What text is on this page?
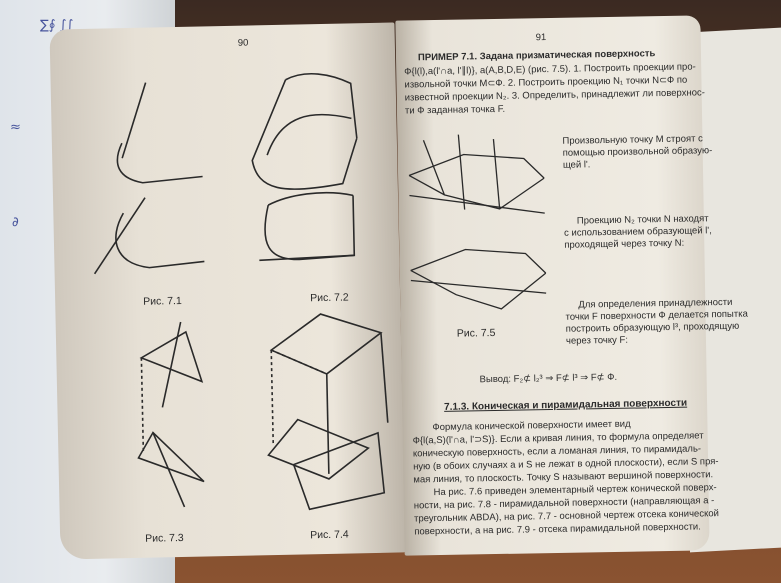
∑∮ ∫∫
≈
∂
90
Рис. 7.1	Рис. 7.2
Рис. 7.3	Рис. 7.4
91
ПРИМЕР 7.1. Задана призматическая поверхность
Ф{l(l),a(l'∩a, l'∥l)}, a(A,B,D,E) (рис. 7.5). 1. Построить проекции про-
извольной точки M⊂Ф. 2. Построить проекцию N₁ точки N⊂Ф по
известной проекции N₂. 3. Определить, принадлежит ли поверхнос-
ти Ф заданная точка F.
Рис. 7.5
Произвольную точку M строят с
помощью произвольной образую-
щей l'.
Проекцию N₂ точки N находят
с использованием образующей l',
проходящей через точку N:
Для определения принадлежности
точки F поверхности Ф делается попытка
построить образующую l³, проходящую
через точку F:
Вывод: F₂⊄ l₂³ ⇒ F⊄ l³ ⇒ F⊄ Ф.
7.1.3. Коническая и пирамидальная поверхности
Формула конической поверхности имеет вид
Ф{l(a,S)(l'∩a, l'⊃S)}. Если a кривая линия, то формула определяет
коническую поверхность, если a ломаная линия, то пирамидаль-
ную (в обоих случаях a и S не лежат в одной плоскости), если S пря-
мая линия, то плоскость. Точку S называют вершиной поверхности.
На рис. 7.6 приведен элементарный чертеж конической поверх-
ности, на рис. 7.8 - пирамидальной поверхности (направляющая a -
треугольник ABDA), на рис. 7.7 - основной чертеж отсека конической
поверхности, а на рис. 7.9 - отсека пирамидальной поверхности.
